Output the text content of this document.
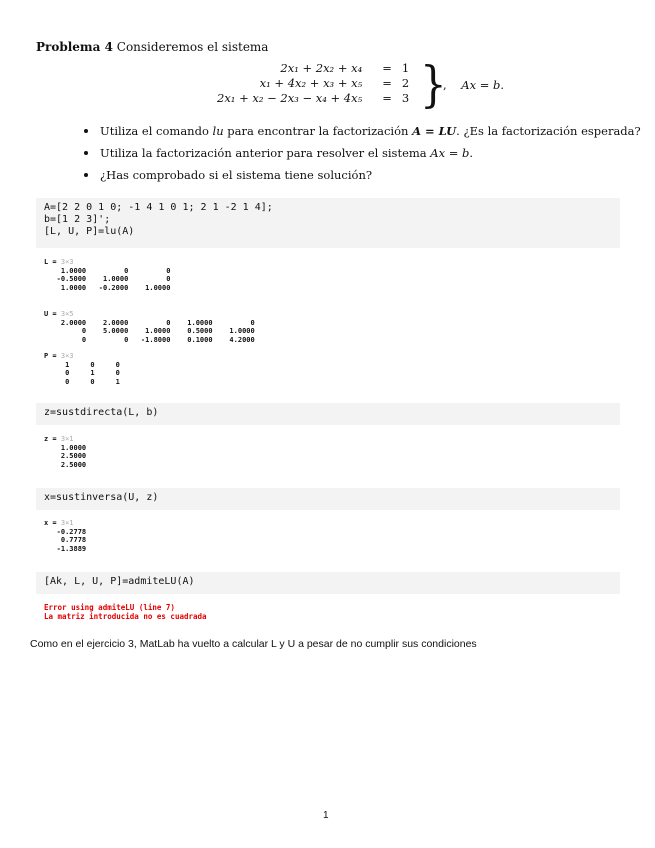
Problema 4 Consideremos el sistema
2x₁ + 2x₂ + x₄	=	1
x₁ + 4x₂ + x₃ + x₅	=	2
2x₁ + x₂ − 2x₃ − x₄ + 4x₅	=	3 }
,    Ax = b.
Utiliza el comando lu para encontrar la factorización A = LU. ¿Es la factorización esperada?
Utiliza la factorización anterior para resolver el sistema Ax = b.
¿Has comprobado si el sistema tiene solución?
A=[2 2 0 1 0; -1 4 1 0 1; 2 1 -2 1 4];
b=[1 2 3]';
[L, U, P]=lu(A)
L = 3×3
1.0000         0         0
-0.5000    1.0000         0
1.0000   -0.2000    1.0000
U = 3×5
2.0000    2.0000         0    1.0000         0
0    5.0000    1.0000    0.5000    1.0000
0         0   -1.8000    0.1000    4.2000
P = 3×3
1     0     0
0     1     0
0     0     1
z=sustdirecta(L, b)
z = 3×1
1.0000
2.5000
2.5000
x=sustinversa(U, z)
x = 3×1
-0.2778
0.7778
-1.3889
[Ak, L, U, P]=admiteLU(A)
Error using admiteLU (line 7)
La matriz introducida no es cuadrada
Como en el ejercicio 3, MatLab ha vuelto a calcular L y U a pesar de no cumplir sus condiciones
1
